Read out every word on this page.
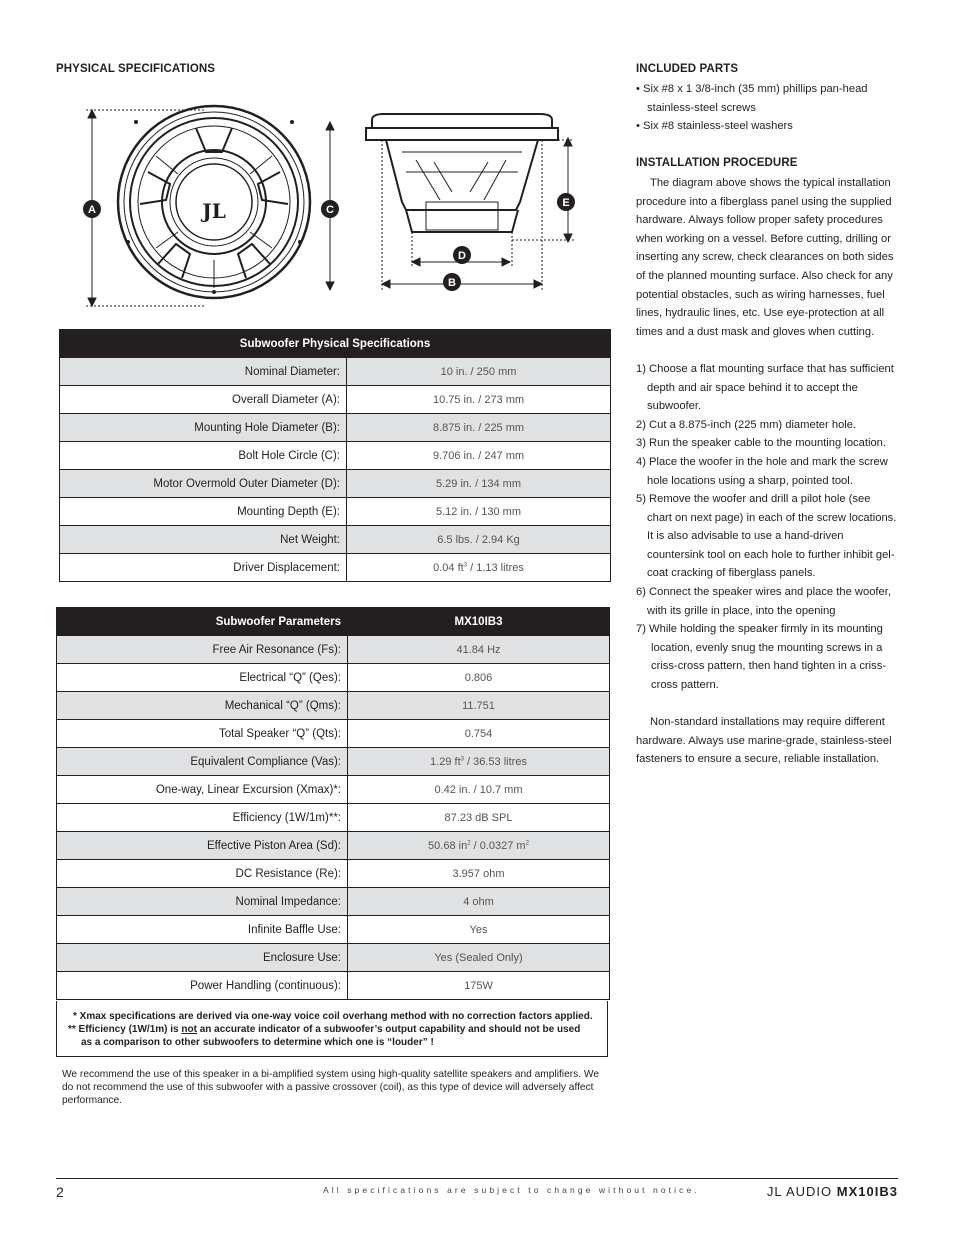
PHYSICAL SPECIFICATIONS
JL
A	C
E
D
B
Subwoofer Physical Specifications	
Nominal Diameter:	10 in. / 250 mm
Overall Diameter (A):	10.75 in. / 273 mm
Mounting Hole Diameter (B):	8.875 in. / 225 mm
Bolt Hole Circle (C):	9.706 in. / 247 mm
Motor Overmold Outer Diameter (D):	5.29 in. / 134 mm
Mounting Depth (E):	5.12 in. / 130 mm
Net Weight:	6.5 lbs. / 2.94 Kg
Driver Displacement:	0.04 $ft^3 / 1.13$ litres
Subwoofer Parameters	MX10IB3
Free Air Resonance (Fs):	41.84 Hz
Electrical “Q” (Qes):	0.806
Mechanical “Q” (Qms):	11.751
Total Speaker “Q” (Qts):	0.754
Equivalent Compliance (Vas):	1.29 $ft^3 / 36.53$ litres
One-way, Linear Excursion (Xmax)*:	0.42 in. / 10.7 mm
Efficiency (1W/1m)**:	87.23 dB SPL
Effective Piston Area (Sd):	50.68 $in^2 / 0.0327$ $m^2$
DC Resistance (Re):	3.957 ohm
Nominal Impedance:	4 ohm
Infinite Baffle Use:	Yes
Enclosure Use:	Yes (Sealed Only)
Power Handling (continuous):	175W

* Xmax specifications are derived via one-way voice coil overhang method with no correction factors applied.

** Efficiency (1W/1m) is not an accurate indicator of a subwoofer’s output capability and should not be used

as a comparison to other subwoofers to determine which one is “louder” !

We recommend the use of this speaker in a bi-amplified system using high-quality satellite speakers and amplifiers. We do not recommend the use of this subwoofer with a passive crossover (coil), as this type of device will adversely affect performance.
INCLUDED PARTS

• Six #8 x 1 3/8-inch (35 mm) phillips pan-head stainless-steel screws

• Six #8 stainless-steel washers

INSTALLATION PROCEDURE

The diagram above shows the typical installation procedure into a fiberglass panel using the supplied hardware. Always follow proper safety procedures when working on a vessel. Before cutting, drilling or inserting any screw, check clearances on both sides of the planned mounting surface. Also check for any potential obstacles, such as wiring harnesses, fuel lines, hydraulic lines, etc. Use eye-protection at all times and a dust mask and gloves when cutting.

1) Choose a flat mounting surface that has sufficient depth and air space behind it to accept the subwoofer.

2) Cut a 8.875-inch (225 mm) diameter hole.

3) Run the speaker cable to the mounting location.

4) Place the woofer in the hole and mark the screw hole locations using a sharp, pointed tool.

5) Remove the woofer and drill a pilot hole (see chart on next page) in each of the screw locations. It is also advisable to use a hand-driven countersink tool on each hole to further inhibit gel-coat cracking of fiberglass panels.

6) Connect the speaker wires and place the woofer, with its grille in place, into the opening

7) While holding the speaker firmly in its mounting location, evenly snug the mounting screws in a criss-cross pattern, then hand tighten in a criss-cross pattern.

Non-standard installations may require different hardware. Always use marine-grade, stainless-steel fasteners to ensure a secure, reliable installation.

2	All specifications are subject to change without notice.	JL AUDIO MX10IB3
